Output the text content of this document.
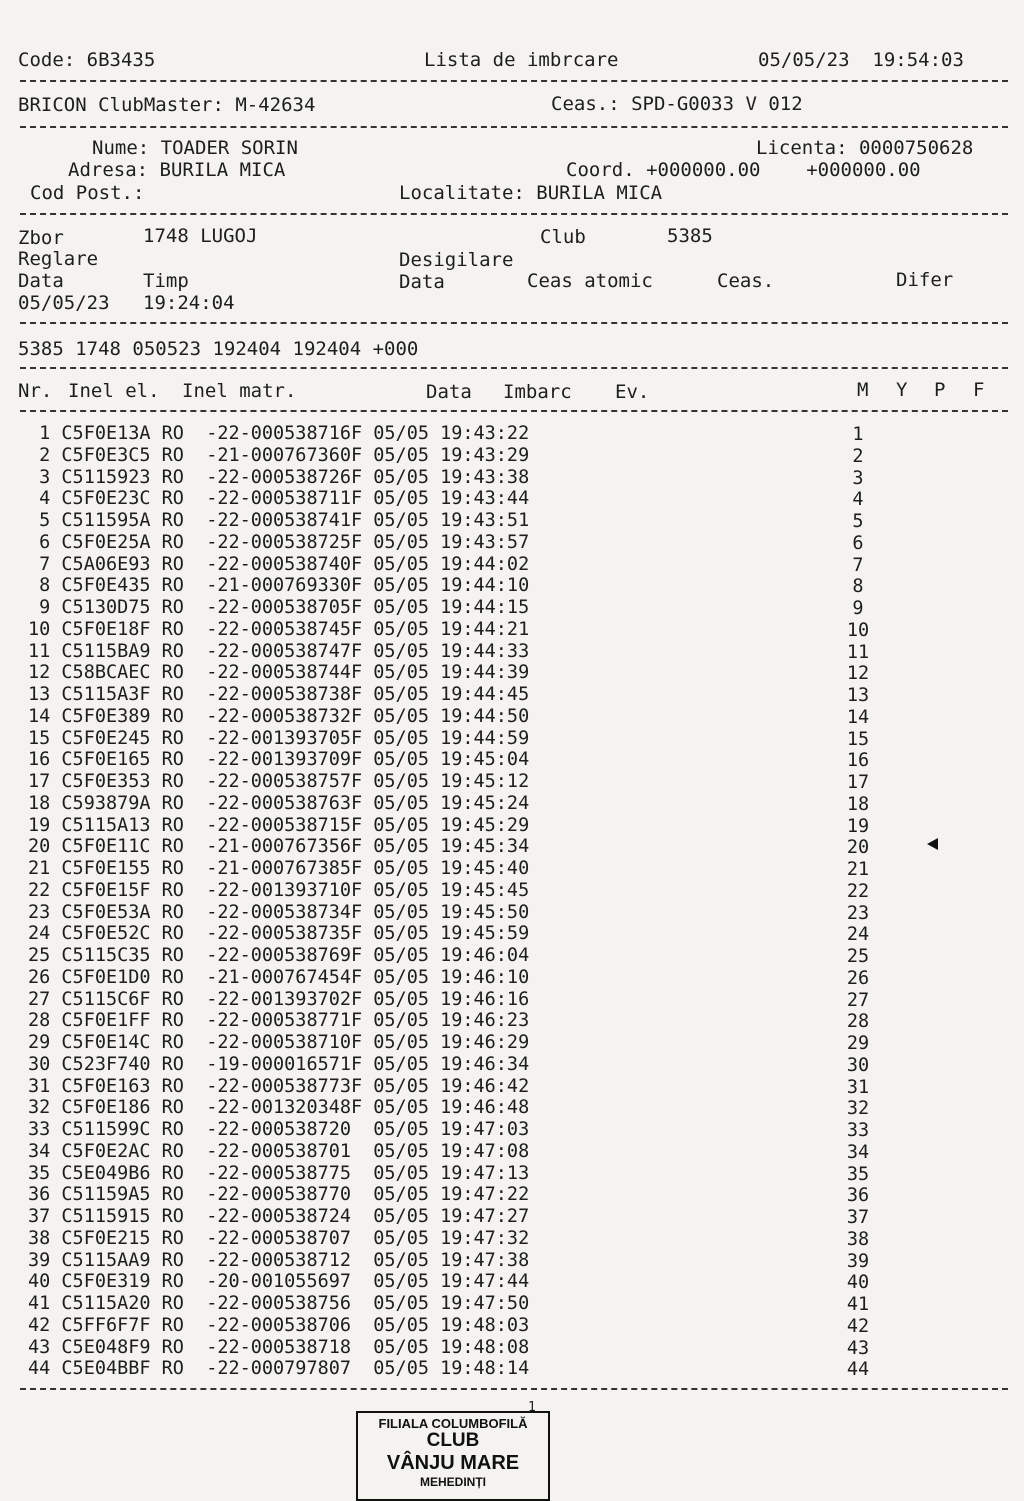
Code: 6B3435	Lista de imbrcare	05/05/23  19:54:03
BRICON ClubMaster: M-42634	Ceas.: SPD-G0033 V 012
Nume: TOADER SORIN	Licenta: 0000750628
Adresa: BURILA MICA	Coord. +000000.00    +000000.00
Cod Post.:	Localitate: BURILA MICA
Zbor	1748 LUGOJ	Club	5385
Reglare	Desigilare
Data	Timp	Data	Ceas atomic	Ceas.	Difer
05/05/23 19:24:04
5385 1748 050523 192404 192404 +000
Nr. Inel el. Inel matr.	Data Imbarc Ev.	M Y P F
1 C5F0E13A RO  -22-000538716F 05/05 19:43:22	1
2 C5F0E3C5 RO  -21-000767360F 05/05 19:43:29	2
3 C5115923 RO  -22-000538726F 05/05 19:43:38	3
4 C5F0E23C RO  -22-000538711F 05/05 19:43:44	4
5 C511595A RO  -22-000538741F 05/05 19:43:51	5
6 C5F0E25A RO  -22-000538725F 05/05 19:43:57	6
7 C5A06E93 RO  -22-000538740F 05/05 19:44:02	7
8 C5F0E435 RO  -21-000769330F 05/05 19:44:10	8
9 C5130D75 RO  -22-000538705F 05/05 19:44:15	9
10 C5F0E18F RO  -22-000538745F 05/05 19:44:21	10
11 C5115BA9 RO  -22-000538747F 05/05 19:44:33	11
12 C58BCAEC RO  -22-000538744F 05/05 19:44:39	12
13 C5115A3F RO  -22-000538738F 05/05 19:44:45	13
14 C5F0E389 RO  -22-000538732F 05/05 19:44:50	14
15 C5F0E245 RO  -22-001393705F 05/05 19:44:59	15
16 C5F0E165 RO  -22-001393709F 05/05 19:45:04	16
17 C5F0E353 RO  -22-000538757F 05/05 19:45:12	17
18 C593879A RO  -22-000538763F 05/05 19:45:24	18
19 C5115A13 RO  -22-000538715F 05/05 19:45:29	19
20 C5F0E11C RO  -21-000767356F 05/05 19:45:34	20
21 C5F0E155 RO  -21-000767385F 05/05 19:45:40	21
22 C5F0E15F RO  -22-001393710F 05/05 19:45:45	22
23 C5F0E53A RO  -22-000538734F 05/05 19:45:50	23
24 C5F0E52C RO  -22-000538735F 05/05 19:45:59	24
25 C5115C35 RO  -22-000538769F 05/05 19:46:04	25
26 C5F0E1D0 RO  -21-000767454F 05/05 19:46:10	26
27 C5115C6F RO  -22-001393702F 05/05 19:46:16	27
28 C5F0E1FF RO  -22-000538771F 05/05 19:46:23	28
29 C5F0E14C RO  -22-000538710F 05/05 19:46:29	29
30 C523F740 RO  -19-000016571F 05/05 19:46:34	30
31 C5F0E163 RO  -22-000538773F 05/05 19:46:42	31
32 C5F0E186 RO  -22-001320348F 05/05 19:46:48	32
33 C511599C RO  -22-000538720  05/05 19:47:03	33
34 C5F0E2AC RO  -22-000538701  05/05 19:47:08	34
35 C5E049B6 RO  -22-000538775  05/05 19:47:13	35
36 C51159A5 RO  -22-000538770  05/05 19:47:22	36
37 C5115915 RO  -22-000538724  05/05 19:47:27	37
38 C5F0E215 RO  -22-000538707  05/05 19:47:32	38
39 C5115AA9 RO  -22-000538712  05/05 19:47:38	39
40 C5F0E319 RO  -20-001055697  05/05 19:47:44	40
41 C5115A20 RO  -22-000538756  05/05 19:47:50	41
42 C5FF6F7F RO  -22-000538706  05/05 19:48:03	42
43 C5E048F9 RO  -22-000538718  05/05 19:48:08	43
44 C5E04BBF RO  -22-000797807  05/05 19:48:14	44
1
FILIALA COLUMBOFILĂ
CLUB
VÂNJU MARE
MEHEDINȚI
